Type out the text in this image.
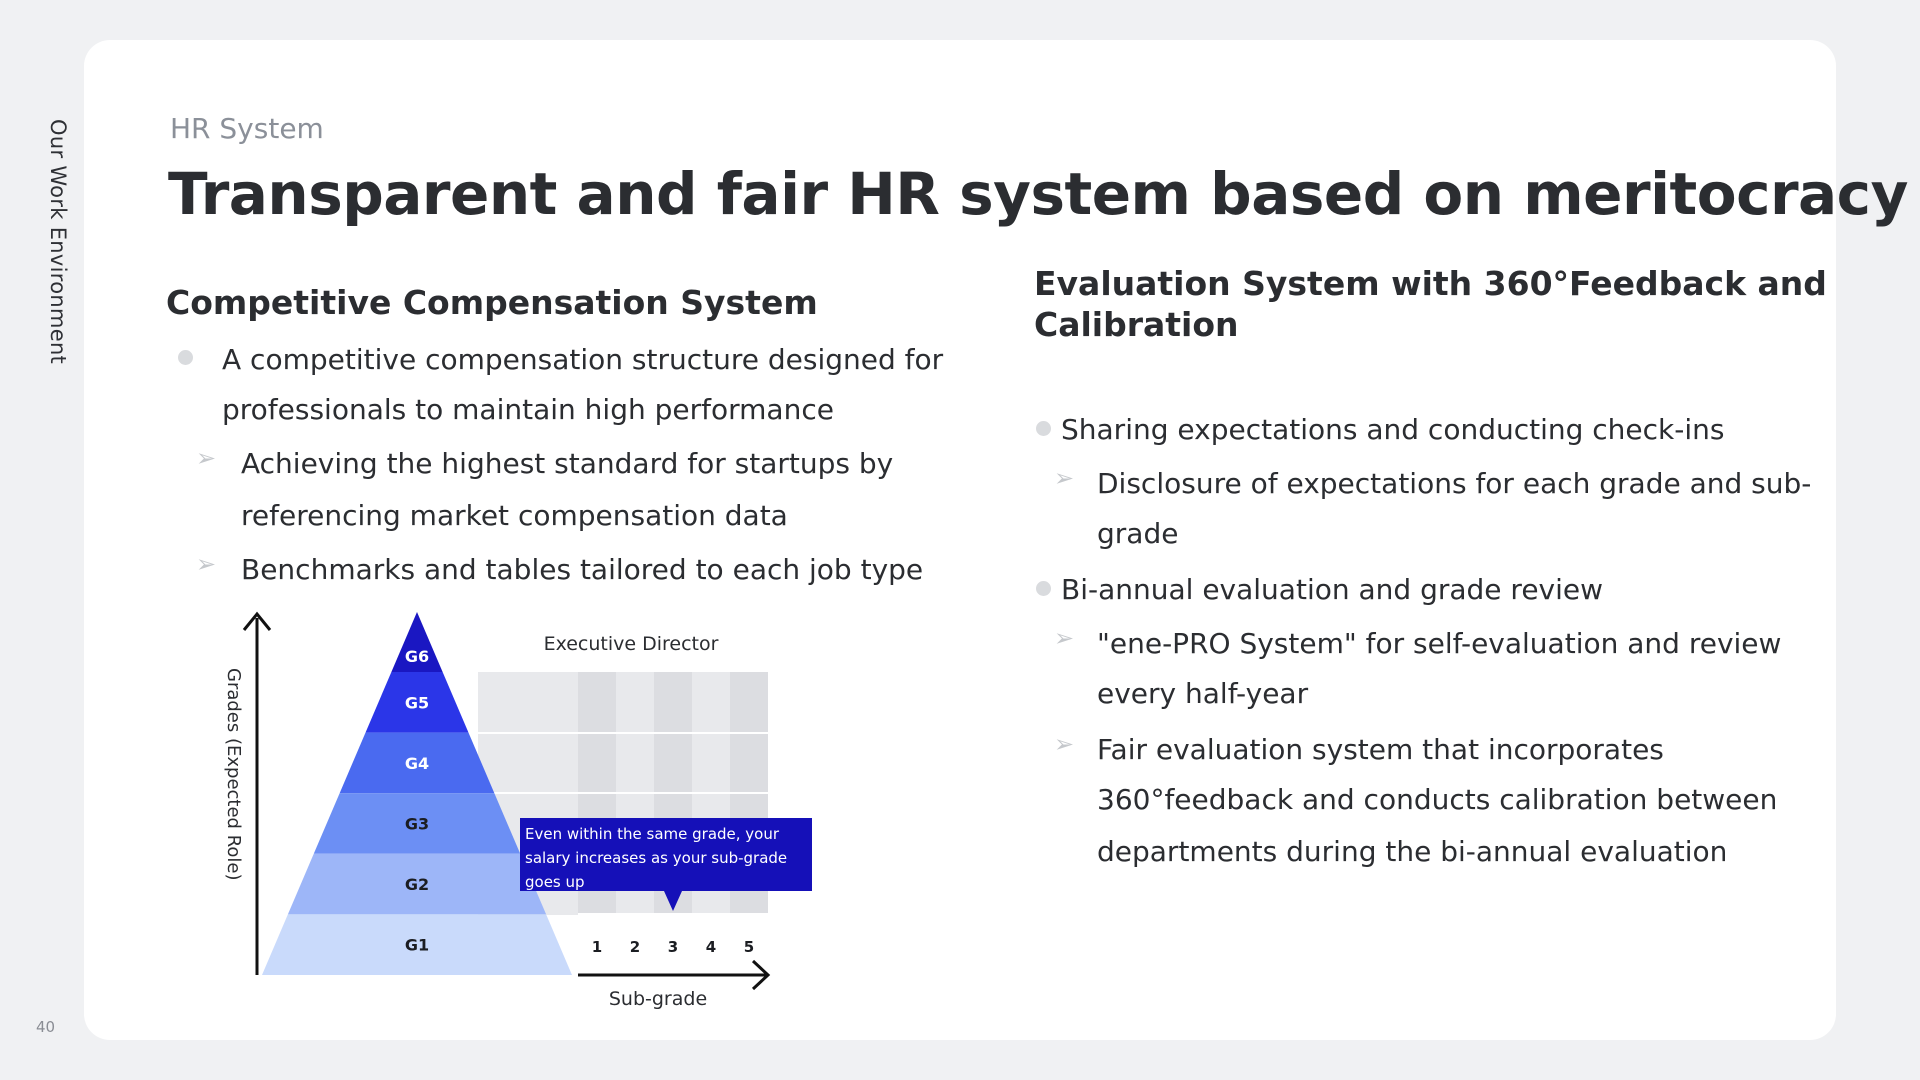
Our Work Environment
40
HR System
Transparent and fair HR system based on meritocracy
Competitive Compensation System
A competitive compensation structure designed for
professionals to maintain high performance
➢ Achieving the highest standard for startups by
referencing market compensation data
➢ Benchmarks and tables tailored to each job type
G6
G5
G4
G3
G2
G1
Grades (Expected Role)
Sub-grade
Executive Director
1 2 3 4 5
Even within the same grade, your
salary increases as your sub-grade
goes up
Evaluation System with 360°Feedback and
Calibration
Sharing expectations and conducting check-ins
➢ Disclosure of expectations for each grade and sub-
grade
Bi-annual evaluation and grade review
➢ "ene-PRO System" for self-evaluation and review
every half-year
➢ Fair evaluation system that incorporates
360°feedback and conducts calibration between
departments during the bi-annual evaluation
